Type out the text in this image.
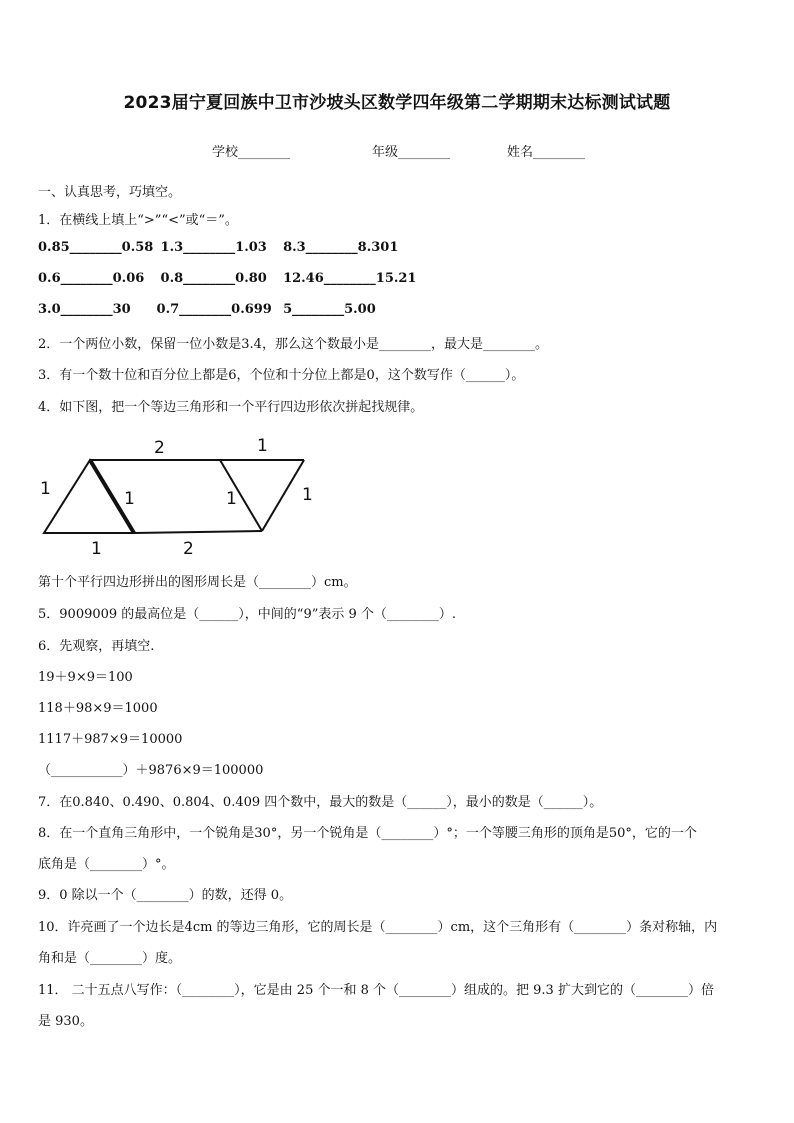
2023届宁夏回族中卫市沙坡头区数学四年级第二学期期末达标测试试题
学校________	年级________	姓名________
一、认真思考，巧填空。
1．在横线上填上“>”“<”或“＝”。
0.85________0.58 1.3________1.03 8.3________8.301
0.6________0.06 0.8________0.80 12.46________15.21
3.0________30 0.7________0.699 5________5.00
2．一个两位小数，保留一位小数是3.4，那么这个数最小是________，最大是________。
3．有一个数十位和百分位上都是6，个位和十分位上都是0，这个数写作（______）。
4．如下图，把一个等边三角形和一个平行四边形依次拼起找规律。
1
1
2
2
1
1
1	1
第十个平行四边形拼出的图形周长是（________）cm。
5．9009009 的最高位是（______），中间的“9”表示 9 个（________）.
6．先观察，再填空.
19＋9×9＝100
118＋98×9＝1000
1117＋987×9＝10000
（___________）＋9876×9＝100000
7．在0.840、0.490、0.804、0.409 四个数中，最大的数是（______），最小的数是（______）。
8．在一个直角三角形中，一个锐角是30°，另一个锐角是（________）°；一个等腰三角形的顶角是50°，它的一个
底角是（________）°。
9．0 除以一个（________）的数，还得 0。
10．许亮画了一个边长是4cm 的等边三角形，它的周长是（________）cm，这个三角形有（________）条对称轴，内
角和是（________）度。
11． 二十五点八写作：（________），它是由 25 个一和 8 个（________）组成的。把 9.3 扩大到它的（________）倍
是 930。
